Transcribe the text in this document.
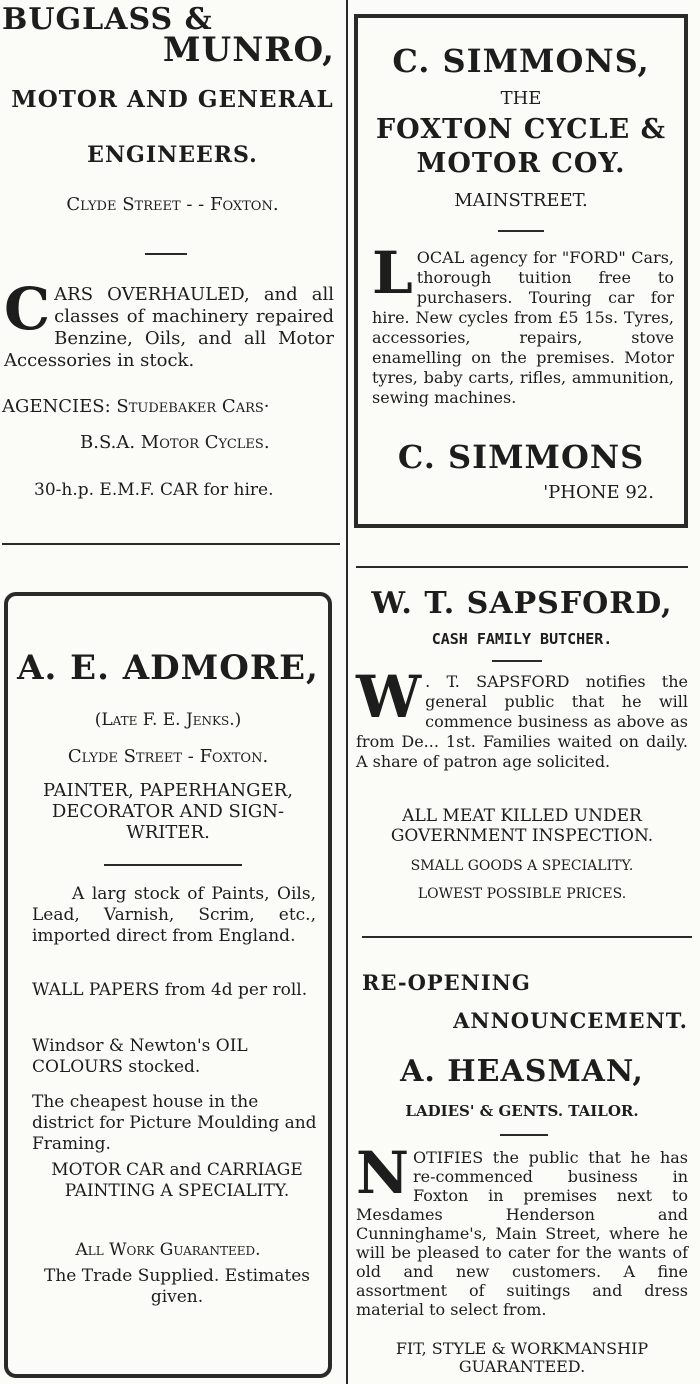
BUGLASS &

MUNRO,

MOTOR AND GENERAL

ENGINEERS.

Clyde Street - - Foxton.

CARS OVERHAULED, and all classes of machinery repaired Benzine, Oils, and all Motor Accessories in stock.

AGENCIES: Studebaker Cars·

B.S.A. Motor Cycles.

30-h.p. E.M.F. CAR for hire.

A. E. ADMORE,

(Late F. E. Jenks.)

Clyde Street - Foxton.

PAINTER, PAPERHANGER, DECORATOR AND SIGN-WRITER.

A larg stock of Paints, Oils, Lead, Varnish, Scrim, etc., imported direct from England.

WALL PAPERS from 4d per roll.

Windsor & Newton's OIL COLOURS stocked.

The cheapest house in the district for Picture Moulding and Framing.

MOTOR CAR and CARRIAGE PAINTING A SPECIALITY.

All Work Guaranteed.

The Trade Supplied. Estimates given.

C. SIMMONS,

THE

FOXTON CYCLE &

MOTOR COY.

MAINSTREET.

LOCAL agency for "FORD" Cars, thorough tuition free to purchasers. Touring car for hire. New cycles from £5 15s. Tyres, accessories, repairs, stove enamelling on the premises. Motor tyres, baby carts, rifles, ammunition, sewing machines.

C. SIMMONS

'PHONE 92.

W. T. SAPSFORD,

CASH FAMILY BUTCHER.

W . T. SAPSFORD notifies the general public that he will commence business as above as from De... 1st. Families waited on daily. A share of patron age solicited.

ALL MEAT KILLED UNDER GOVERNMENT INSPECTION.

SMALL GOODS A SPECIALITY.

LOWEST POSSIBLE PRICES.

RE-OPENING

ANNOUNCEMENT.

A. HEASMAN,

LADIES' & GENTS. TAILOR.

NOTIFIES the public that he has re-commenced business in Foxton in premises next to Mesdames Henderson and Cunninghame's, Main Street, where he will be pleased to cater for the wants of old and new customers. A fine assortment of suitings and dress material to select from.

FIT, STYLE & WORKMANSHIP GUARANTEED.
